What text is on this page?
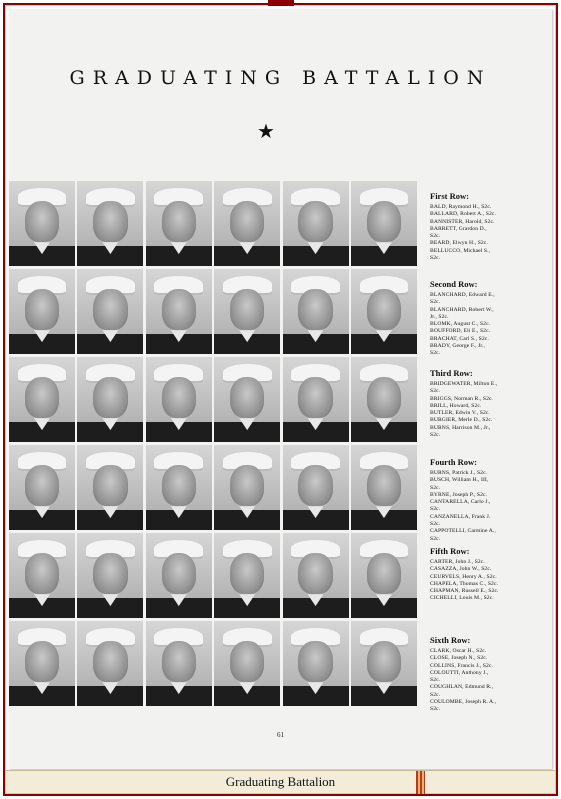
GRADUATING BATTALION
★
First Row:
BALD, Raymond H., S2c.
BALLARD, Robert A., S2c.
BANNISTER, Harold, S2c.
BARRETT, Grardon D.,
S2c.
BEARD, Elwyn H., S2c.
BELLUCCO, Michael S.,
S2c.
Second Row:
BLANCHARD, Edward E.,
S2c.
BLANCHARD, Robert W.,
Jr., S2c.
BLOMK, August C., S2c.
BOUFFORD, Eli E., S2c.
BRACHAT, Carl S., S2c.
BRADY, George F., Jr.,
S2c.
Third Row:
BRIDGEWATER, Milton E.,
S2c.
BRIGGS, Norman R., S2c.
BRILL, Howard, S2c.
BUTLER, Edwin V., S2c.
BURGIER, Merle D., S2c.
BURNS, Harrison M., Jr.,
S2c.
Fourth Row:
BURNS, Patrick J., S2c.
BUSCH, William H., III,
S2c.
BYRNE, Joseph P., S2c.
CANTARELLA, Carlo J.,
S2c.
CANZANELLA, Frank J.
S2c.
CAPPOTELLI, Carmine A.,
S2c.
Fifth Row:
CARTER, John J., S2c.
CASAZZA, John W., S2c.
CEURVELS, Henry A., S2c.
CHAPELA, Thomas C., S2c.
CHAPMAN, Russell E., S2c.
CICHELLI, Louis M., S2c.
Sixth Row:
CLARK, Oscar H., S2c.
CLOSE, Joseph N., S2c.
COLLINS, Francis J., S2c.
COLOUTTI, Anthony J.,
S2c.
COUGHLAN, Edmund R.,
S2c.
COULOMBE, Joseph R. A.,
S2c.
61
Graduating Battalion
